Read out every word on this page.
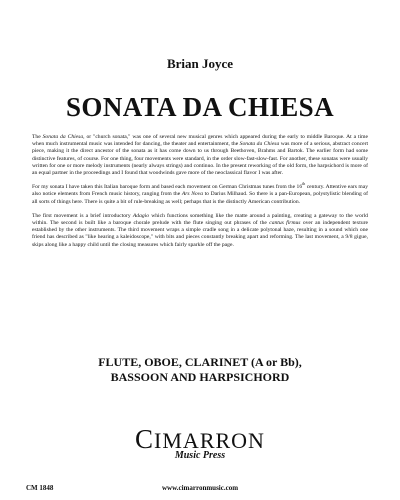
Brian Joyce
SONATA DA CHIESA

The Sonata da Chiesa, or "church sonata," was one of several new musical genres which appeared during the early to middle Baroque. At a time when much instrumental music was intended for dancing, the theater and entertainment, the Sonata da Chiesa was more of a serious, abstract concert piece, making it the direct ancestor of the sonata as it has come down to us through Beethoven, Brahms and Bartok. The earlier form had some distinctive features, of course. For one thing, four movements were standard, in the order slow-fast-slow-fast. For another, these sonatas were usually written for one or more melody instruments (nearly always strings) and continuo. In the present reworking of the old form, the harpsichord is more of an equal partner in the proceedings and I found that woodwinds gave more of the neoclassical flavor I was after.

For my sonata I have taken this Italian baroque form and based each movement on German Christmas tunes from the 16th century. Attentive ears may also notice elements from French music history, ranging from the Ars Nova to Darius Milhaud. So there is a pan-European, polystylistic blending of all sorts of things here. There is quite a bit of rule-breaking as well; perhaps that is the distinctly American contribution.

The first movement is a brief introductory Adagio which functions something like the matte around a painting, creating a gateway to the world within. The second is built like a baroque chorale prelude with the flute singing out phrases of the cantus firmus over an independent texture established by the other instruments. The third movement wraps a simple cradle song in a delicate polytonal haze, resulting in a sound which one friend has described as "like hearing a kaleidoscope," with bits and pieces constantly breaking apart and reforming. The last movement, a 9/8 gigue, skips along like a happy child until the closing measures which fairly sparkle off the page.

FLUTE, OBOE, CLARINET (A or Bb),
BASSOON AND HARPSICHORD
CIMARRON
Music Press
CM 1848	www.cimarronmusic.com
